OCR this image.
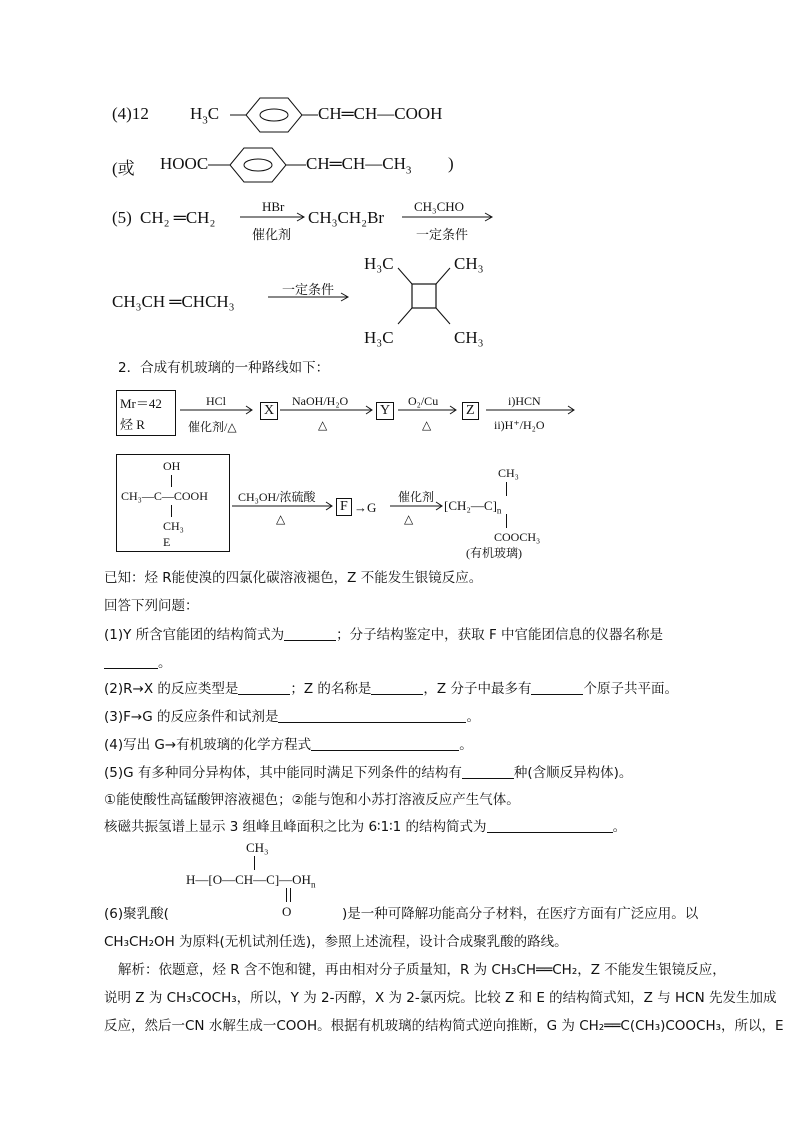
(4)12 $H_3C$	CH═CH—COOH
(或 HOOC	$CH═CH—CH_3$ )
(5) CH₂ ═CH₂
HBr
催化剂
CH₃CH₂Br
CH₃CHO
一定条件
CH₃CH ═CHCH₃
一定条件
H₃C	CH₃
H₃C	CH₃
2．合成有机玻璃的一种路线如下：
Mr＝42
烃 R
HCl
催化剂/△
X
NaOH/H₂O
△
Y
O₂/Cu
△
Z
i)HCN
ii)H⁺/H₂O
OH
CH₃—C—COOH
CH₃
E
CH₃OH/浓硫酸
△
F →G
催化剂
△
CH₃
$[CH_2—C]_n$
COOCH₃
(有机玻璃)
已知：烃 R能使溴的四氯化碳溶液褪色，Z 不能发生银镜反应。
回答下列问题：
(1)Y 所含官能团的结构简式为	；分子结构鉴定中，获取 F 中官能团信息的仪器名称是
。
(2)R→X 的反应类型是	；Z 的名称是	，Z 分子中最多有	个原子共平面。
(3)F→G 的反应条件和试剂是	。
(4)写出 G→有机玻璃的化学方程式	。
(5)G 有多种同分异构体，其中能同时满足下列条件的结构有	种(含顺反异构体)。
①能使酸性高锰酸钾溶液褪色；②能与饱和小苏打溶液反应产生气体。
核磁共振氢谱上显示 3 组峰且峰面积之比为 6∶1∶1 的结构简式为	。
CH₃
$H—[O—CH—C]—OH_n$
O
(6)聚乳酸(	)是一种可降解功能高分子材料，在医疗方面有广泛应用。以
CH₃CH₂OH 为原料(无机试剂任选)，参照上述流程，设计合成聚乳酸的路线。
解析：依题意，烃 R 含不饱和键，再由相对分子质量知，R 为 CH₃CH══CH₂，Z 不能发生银镜反应，
说明 Z 为 CH₃COCH₃，所以，Y 为 2-丙醇，X 为 2-氯丙烷。比较 Z 和 E 的结构简式知，Z 与 HCN 先发生加成
反应，然后一CN 水解生成一COOH。根据有机玻璃的结构简式逆向推断，G 为 CH₂══C(CH₃)COOCH₃，所以，E
